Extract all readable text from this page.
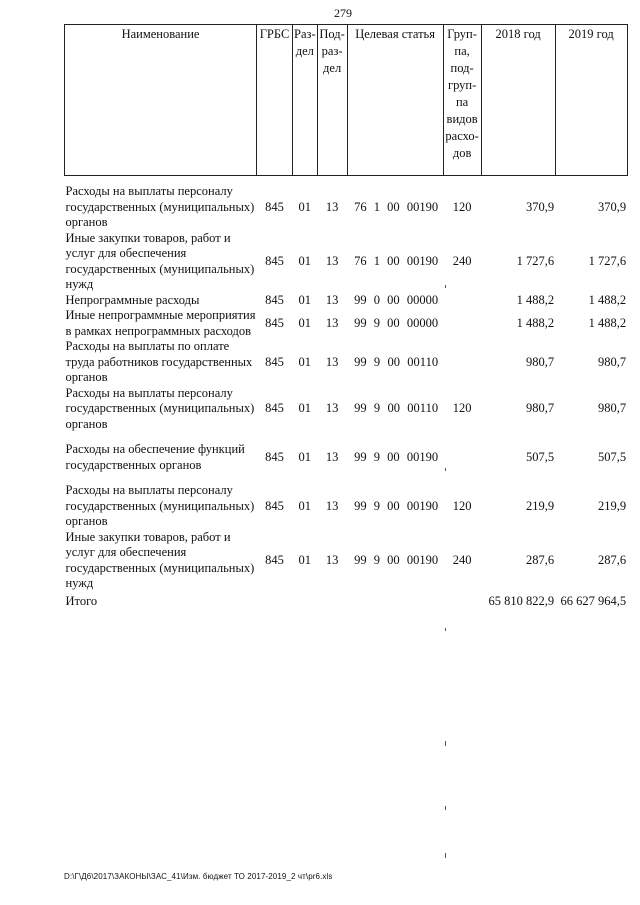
279
Наименование	ГРБС	Раз-дел	Под-раз-дел	Целевая статья	Груп-па, под-груп-па видов расхо-дов	2018 год	2019 год
Расходы на выплаты персоналу государственных (муниципальных) органов	845	01	13	76 1 00 00190	120	370,9	370,9
Иные закупки товаров, работ и услуг для обеспечения государственных (муниципальных) нужд	845	01	13	76 1 00 00190	240	1 727,6	1 727,6
Непрограммные расходы	845	01	13	99 0 00 00000		1 488,2	1 488,2
Иные непрограммные мероприятия в рамках непрограммных расходов	845	01	13	99 9 00 00000		1 488,2	1 488,2
Расходы на выплаты по оплате труда работников государственных органов	845	01	13	99 9 00 00110		980,7	980,7
Расходы на выплаты персоналу государственных (муниципальных) органов	845	01	13	99 9 00 00110	120	980,7	980,7
Расходы на обеспечение функций государственных органов	845	01	13	99 9 00 00190		507,5	507,5
Расходы на выплаты персоналу государственных (муниципальных) органов	845	01	13	99 9 00 00190	120	219,9	219,9
Иные закупки товаров, работ и услуг для обеспечения государственных (муниципальных) нужд	845	01	13	99 9 00 00190	240	287,6	287,6
Итого						65 810 822,9	66 627 964,5
D:\Г\Д6\2017\ЗАКОНЫ\ЗАС_41\Изм. бюджет ТО 2017-2019_2 чт\pr6.xls
